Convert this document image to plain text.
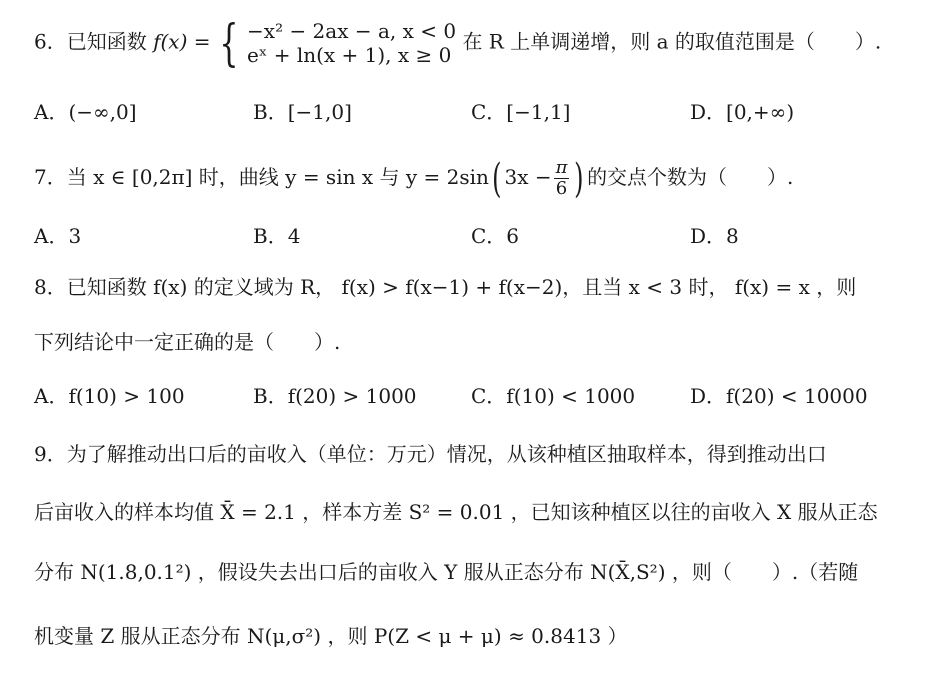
6．已知函数 f(x) = { −x² − 2ax − a, x < 0
eˣ + ln(x + 1), x ≥ 0
在 R 上单调递增，则 a 的取值范围是（　　）.
A．(−∞,0]	B．[−1,0]	C．[−1,1]	D．[0,+∞)
7．当 x ∈ [0,2π] 时，曲线 y = sin x 与 y = 2sin( $3x - \frac{\pi}{6}$ ) 的交点个数为（　　）.
A．3	B．4	C．6	D．8
8．已知函数 f(x) 的定义域为 R， f(x) > f(x−1) + f(x−2)，且当 x < 3 时， f(x) = x ，则
下列结论中一定正确的是（　　）.
A．f(10) > 100	B．f(20) > 1000	C．f(10) < 1000	D．f(20) < 10000
9．为了解推动出口后的亩收入（单位：万元）情况，从该种植区抽取样本，得到推动出口
后亩收入的样本均值 X̄ = 2.1 ，样本方差 S² = 0.01 ，已知该种植区以往的亩收入 X 服从正态
分布 N(1.8,0.1²) ，假设失去出口后的亩收入 Y 服从正态分布 N(X̄,S²) ，则（　　）.（若随
机变量 Z 服从正态分布 N(μ,σ²) ，则 P(Z < μ + μ) ≈ 0.8413 ）
